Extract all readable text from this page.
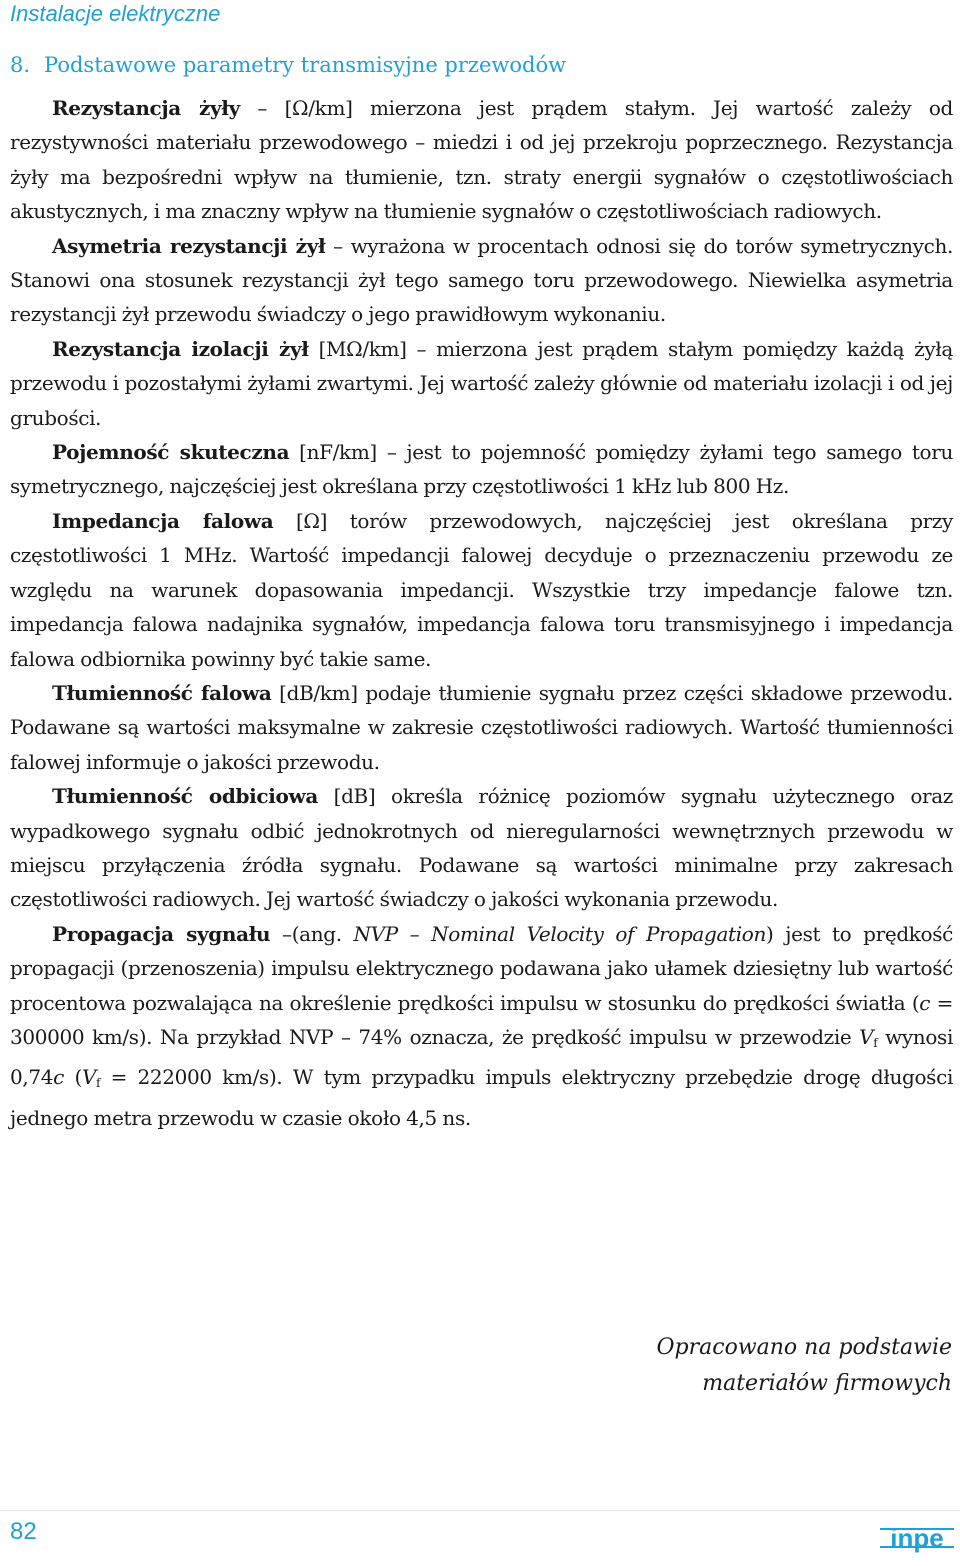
Instalacje elektryczne
8. Podstawowe parametry transmisyjne przewodów

Rezystancja żyły – [Ω/km] mierzona jest prądem stałym. Jej wartość zależy od rezystywności materiału przewodowego – miedzi i od jej przekroju poprzecznego. Rezystancja żyły ma bezpośredni wpływ na tłumienie, tzn. straty energii sygnałów o częstotliwościach akustycznych, i ma znaczny wpływ na tłumienie sygnałów o częstotliwościach radiowych.

Asymetria rezystancji żył – wyrażona w procentach odnosi się do torów symetrycznych. Stanowi ona stosunek rezystancji żył tego samego toru przewodowego. Niewielka asymetria rezystancji żył przewodu świadczy o jego prawidłowym wykonaniu.

Rezystancja izolacji żył [MΩ/km] – mierzona jest prądem stałym pomiędzy każdą żyłą przewodu i pozostałymi żyłami zwartymi. Jej wartość zależy głównie od materiału izolacji i od jej grubości.

Pojemność skuteczna [nF/km] – jest to pojemność pomiędzy żyłami tego samego toru symetrycznego, najczęściej jest określana przy częstotliwości 1 kHz lub 800 Hz.

Impedancja falowa [Ω] torów przewodowych, najczęściej jest określana przy częstotliwości 1 MHz. Wartość impedancji falowej decyduje o przeznaczeniu przewodu ze względu na warunek dopasowania impedancji. Wszystkie trzy impedancje falowe tzn. impedancja falowa nadajnika sygnałów, impedancja falowa toru transmisyjnego i impedancja falowa odbiornika powinny być takie same.

Tłumienność falowa [dB/km] podaje tłumienie sygnału przez części składowe przewodu. Podawane są wartości maksymalne w zakresie częstotliwości radiowych. Wartość tłumienności falowej informuje o jakości przewodu.

Tłumienność odbiciowa [dB] określa różnicę poziomów sygnału użytecznego oraz wypadkowego sygnału odbić jednokrotnych od nieregularności wewnętrznych przewodu w miejscu przyłączenia źródła sygnału. Podawane są wartości minimalne przy zakresach częstotliwości radiowych. Jej wartość świadczy o jakości wykonania przewodu.

Propagacja sygnału –(ang. NVP – Nominal Velocity of Propagation) jest to prędkość propagacji (przenoszenia) impulsu elektrycznego podawana jako ułamek dziesiętny lub wartość procentowa pozwalająca na określenie prędkości impulsu w stosunku do prędkości światła (c = 300000 km/s). Na przykład NVP – 74% oznacza, że prędkość impulsu w przewodzie $V_f$ wynosi 0,74c ($V_f = 222000$ km/s). W tym przypadku impuls elektryczny przebędzie drogę długości jednego metra przewodu w czasie około 4,5 ns.

Opracowano na podstawie
materiałów firmowych
82	inpe
